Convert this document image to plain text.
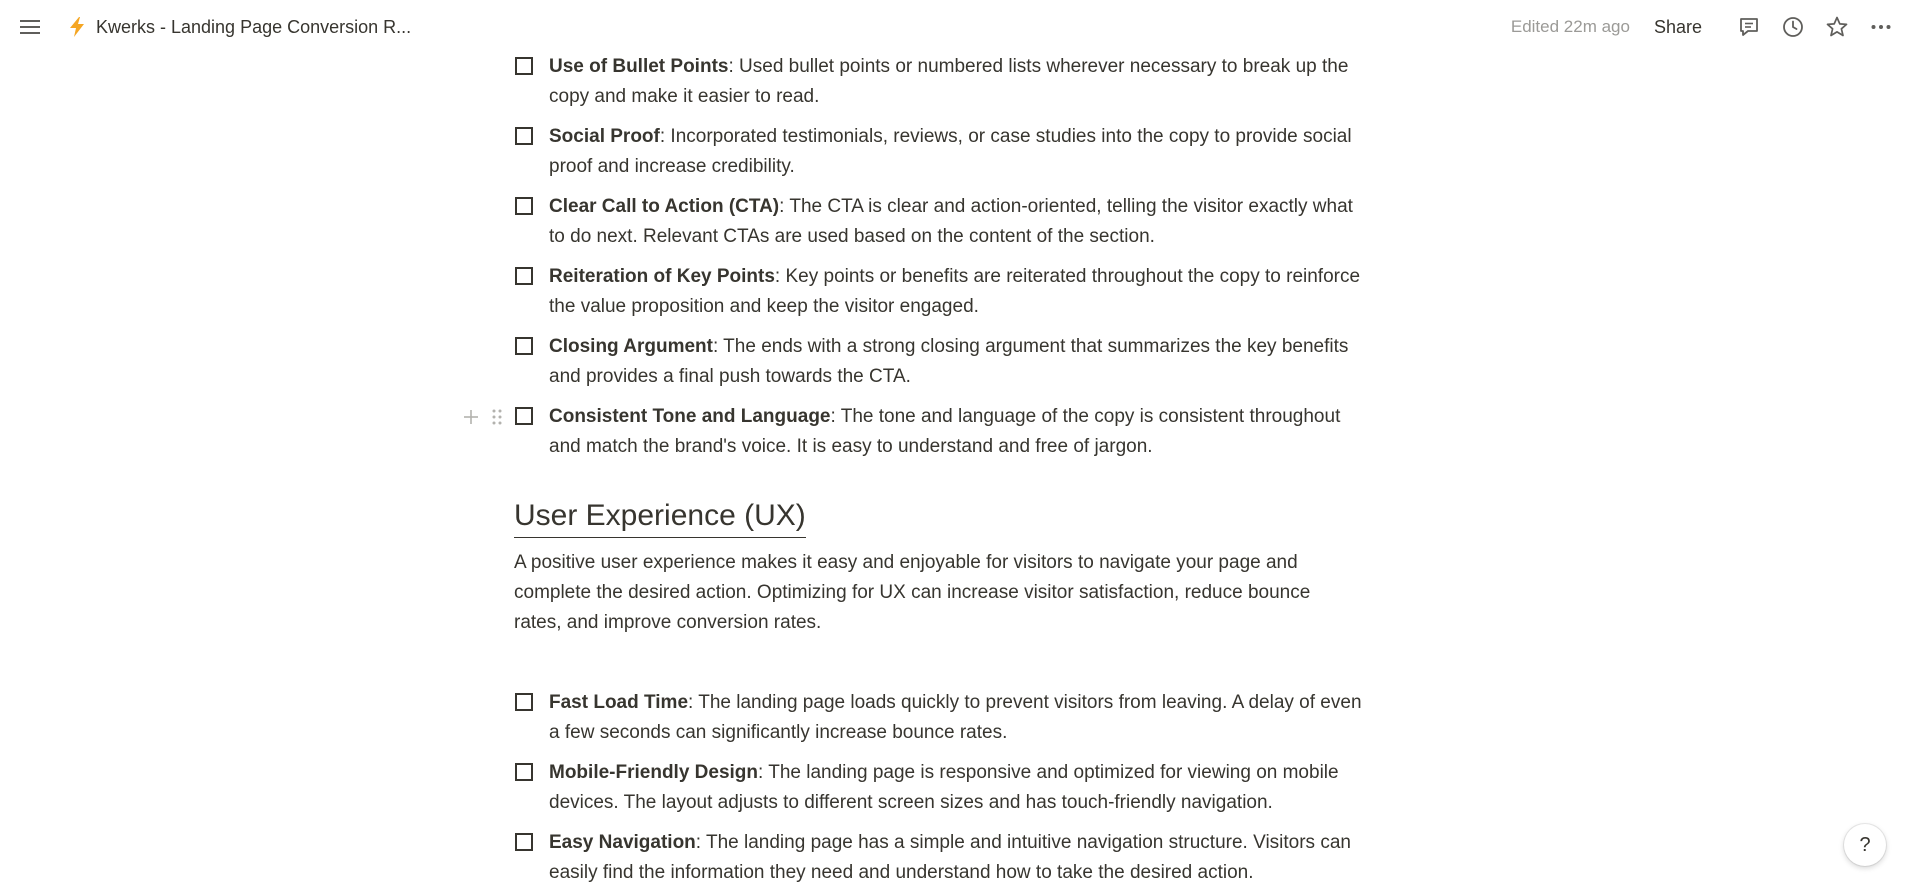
Kwerks - Landing Page Conversion R...	Edited 22m ago Share
Use of Bullet Points: Used bullet points or numbered lists wherever necessary to break up the
copy and make it easier to read.
Social Proof: Incorporated testimonials, reviews, or case studies into the copy to provide social
proof and increase credibility.
Clear Call to Action (CTA): The CTA is clear and action-oriented, telling the visitor exactly what
to do next. Relevant CTAs are used based on the content of the section.
Reiteration of Key Points: Key points or benefits are reiterated throughout the copy to reinforce
the value proposition and keep the visitor engaged.
Closing Argument: The ends with a strong closing argument that summarizes the key benefits
and provides a final push towards the CTA.
Consistent Tone and Language: The tone and language of the copy is consistent throughout
and match the brand's voice. It is easy to understand and free of jargon.
User Experience (UX)

A positive user experience makes it easy and enjoyable for visitors to navigate your page and
complete the desired action. Optimizing for UX can increase visitor satisfaction, reduce bounce
rates, and improve conversion rates.

Fast Load Time: The landing page loads quickly to prevent visitors from leaving. A delay of even
a few seconds can significantly increase bounce rates.
Mobile-Friendly Design: The landing page is responsive and optimized for viewing on mobile
devices. The layout adjusts to different screen sizes and has touch-friendly navigation.
Easy Navigation: The landing page has a simple and intuitive navigation structure. Visitors can
easily find the information they need and understand how to take the desired action.
?
